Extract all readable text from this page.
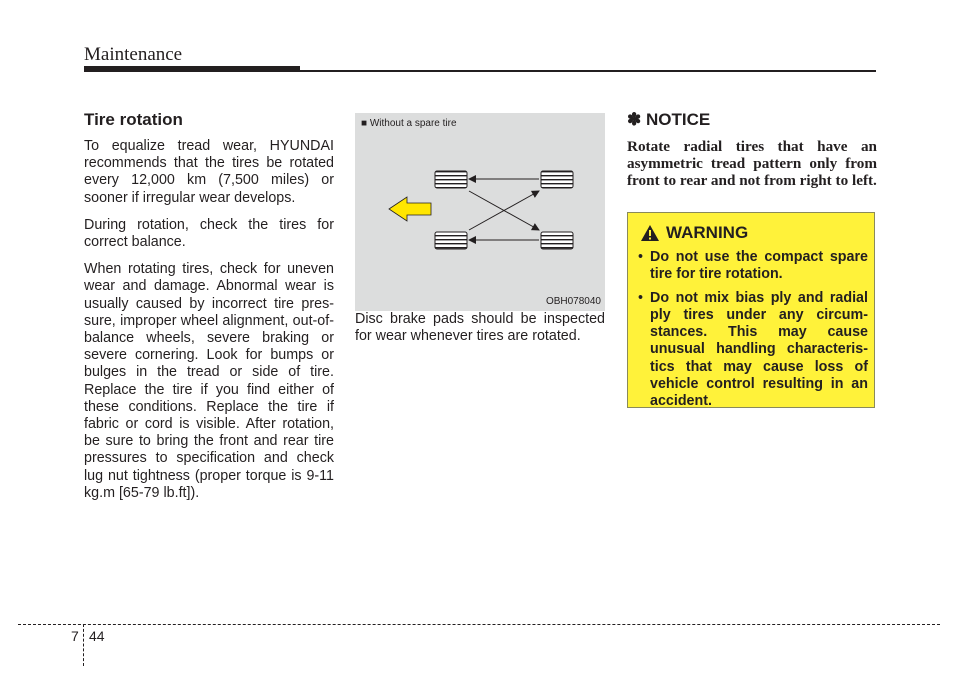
Maintenance
Tire rotation

To equalize tread wear, HYUNDAI recommends that the tires be rotated every 12,000 km (7,500 miles) or sooner if irregular wear develops.

During rotation, check the tires for correct balance.

When rotating tires, check for uneven wear and damage. Abnormal wear is usually caused by incorrect tire pressure, improper wheel alignment, out-of-balance wheels, severe braking or severe cornering. Look for bumps or bulges in the tread or side of tire. Replace the tire if you find either of these conditions. Replace the tire if fabric or cord is visible. After rotation, be sure to bring the front and rear tire pressures to specification and check lug nut tightness (proper torque is 9-11 kg.m [65-79 lb.ft]).

■ Without a spare tire
OBH078040

Disc brake pads should be inspected for wear whenever tires are rotated.

✽ NOTICE

Rotate radial tires that have an asymmetric tread pattern only from front to rear and not from right to left.

WARNING
• Do not use the compact spare tire for tire rotation.
• Do not mix bias ply and radial ply tires under any circumstances. This may cause unusual handling characteristics that may cause loss of vehicle control resulting in an accident.
7 44
